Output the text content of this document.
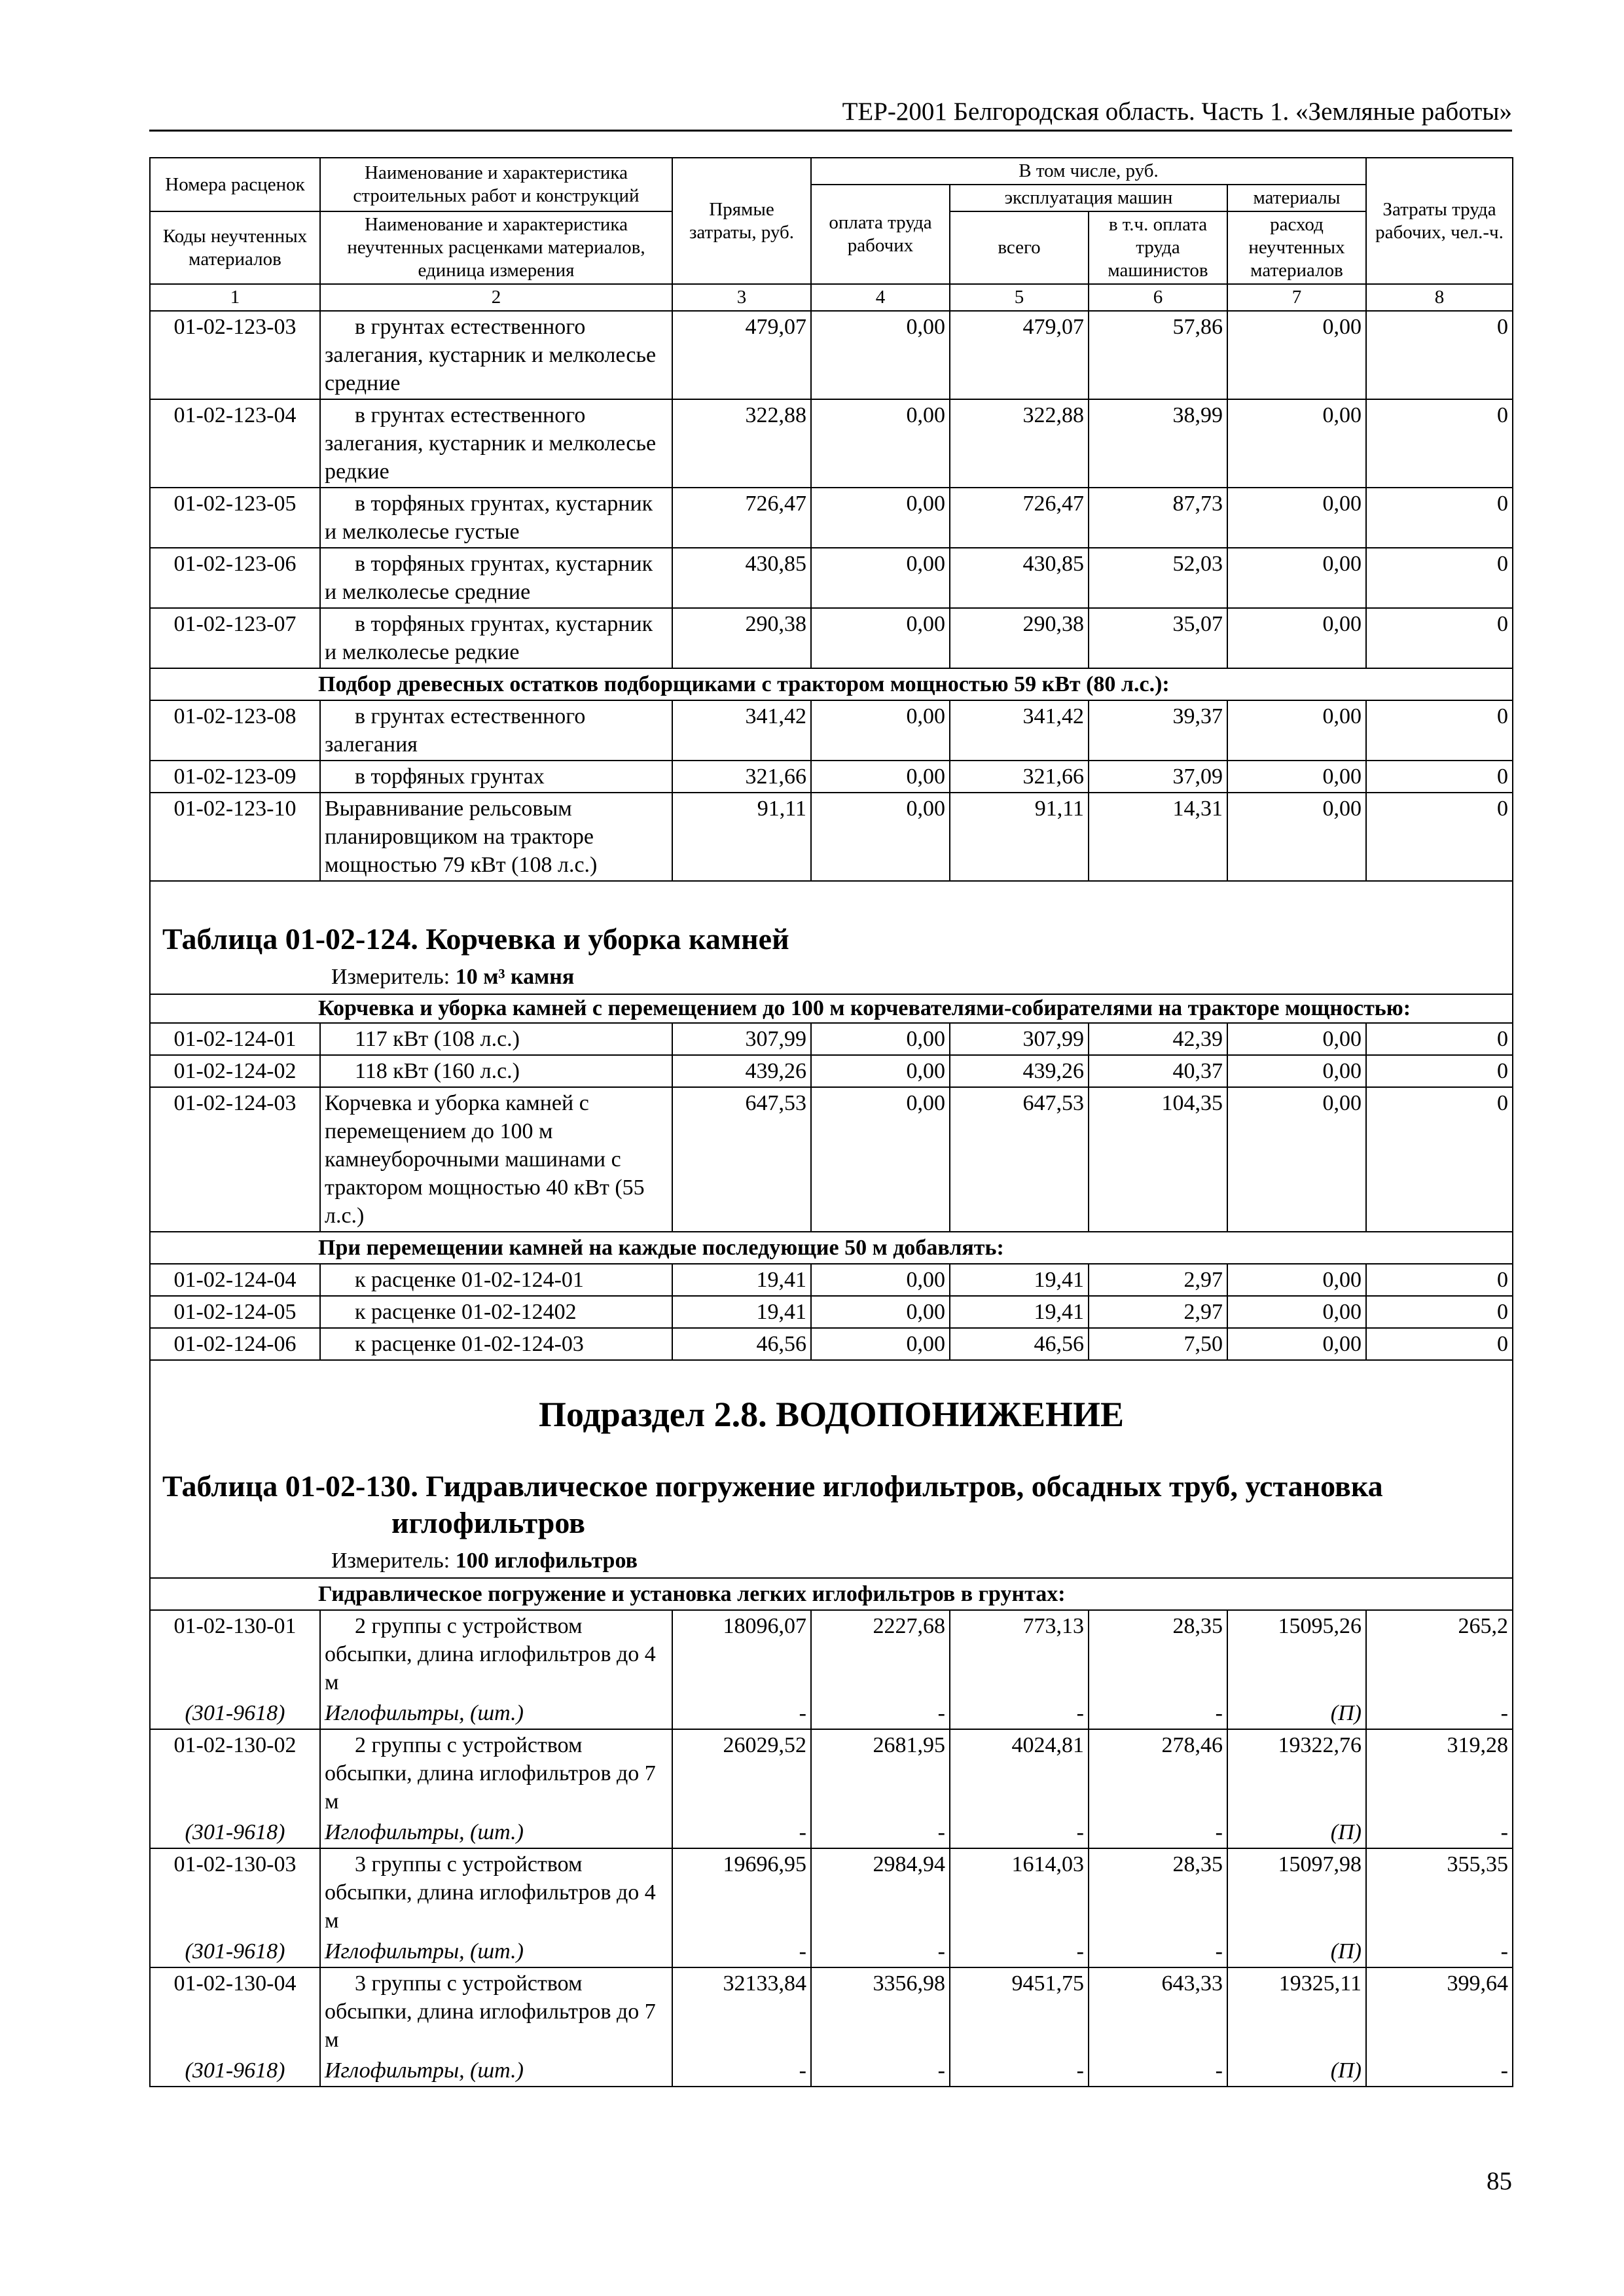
ТЕР-2001 Белгородская область. Часть 1. «Земляные работы»
Номера расценок	Наименование и характеристика строительных работ и конструкций	Прямые затраты, руб.	В том числе, руб.				Затраты труда рабочих, чел.-ч.
			оплата труда рабочих	эксплуатация машин		материалы	
Коды неучтенных материалов	Наименование и характеристика неучтенных расценками материалов, единица измерения			всего	в т.ч. оплата труда машинистов	расход неучтенных материалов	

1	2	3	4	5	6	7	8
01-02-123-03	в грунтах естественного залегания, кустарник и мелколесье средние	479,07	0,00	479,07	57,86	0,00	0
01-02-123-04	в грунтах естественного залегания, кустарник и мелколесье редкие	322,88	0,00	322,88	38,99	0,00	0
01-02-123-05	в торфяных грунтах, кустарник и мелколесье густые	726,47	0,00	726,47	87,73	0,00	0
01-02-123-06	в торфяных грунтах, кустарник и мелколесье средние	430,85	0,00	430,85	52,03	0,00	0
01-02-123-07	в торфяных грунтах, кустарник и мелколесье редкие	290,38	0,00	290,38	35,07	0,00	0
Подбор древесных остатков подборщиками с трактором мощностью 59 кВт (80 л.с.):							
01-02-123-08	в грунтах естественного залегания	341,42	0,00	341,42	39,37	0,00	0
01-02-123-09	в торфяных грунтах	321,66	0,00	321,66	37,09	0,00	0
01-02-123-10	Выравнивание рельсовым планировщиком на тракторе мощностью 79 кВт (108 л.с.)	91,11	0,00	91,11	14,31	0,00	0
Таблица 01-02-124. Корчевка и уборка камней							
Измеритель: 10 м³ камня							
Корчевка и уборка камней с перемещением до 100 м корчевателями-собирателями на тракторе мощностью:							
01-02-124-01	117 кВт (108 л.с.)	307,99	0,00	307,99	42,39	0,00	0
01-02-124-02	118 кВт (160 л.с.)	439,26	0,00	439,26	40,37	0,00	0
01-02-124-03	Корчевка и уборка камней с перемещением до 100 м камнеуборочными машинами с трактором мощностью 40 кВт (55 л.с.)	647,53	0,00	647,53	104,35	0,00	0
При перемещении камней на каждые последующие 50 м добавлять:							
01-02-124-04	к расценке 01-02-124-01	19,41	0,00	19,41	2,97	0,00	0
01-02-124-05	к расценке 01-02-12402	19,41	0,00	19,41	2,97	0,00	0
01-02-124-06	к расценке 01-02-124-03	46,56	0,00	46,56	7,50	0,00	0
Подраздел 2.8. ВОДОПОНИЖЕНИЕ							

Таблица 01-02-130. Гидравлическое погружение иглофильтров, обсадных труб, установка
иглофильтров							

Измеритель: 100 иглофильтров							
Гидравлическое погружение и установка легких иглофильтров в грунтах:							
01-02-130-01	2 группы с устройством обсыпки, длина иглофильтров до 4 м	18096,07	2227,68	773,13	28,35	15095,26	265,2
(301-9618)	Иглофильтры, (шт.)	-	-	-	-	(П)	-
01-02-130-02	2 группы с устройством обсыпки, длина иглофильтров до 7 м	26029,52	2681,95	4024,81	278,46	19322,76	319,28
(301-9618)	Иглофильтры, (шт.)	-	-	-	-	(П)	-
01-02-130-03	3 группы с устройством обсыпки, длина иглофильтров до 4 м	19696,95	2984,94	1614,03	28,35	15097,98	355,35
(301-9618)	Иглофильтры, (шт.)	-	-	-	-	(П)	-
01-02-130-04	3 группы с устройством обсыпки, длина иглофильтров до 7 м	32133,84	3356,98	9451,75	643,33	19325,11	399,64
(301-9618)	Иглофильтры, (шт.)	-	-	-	-	(П)	-
85
